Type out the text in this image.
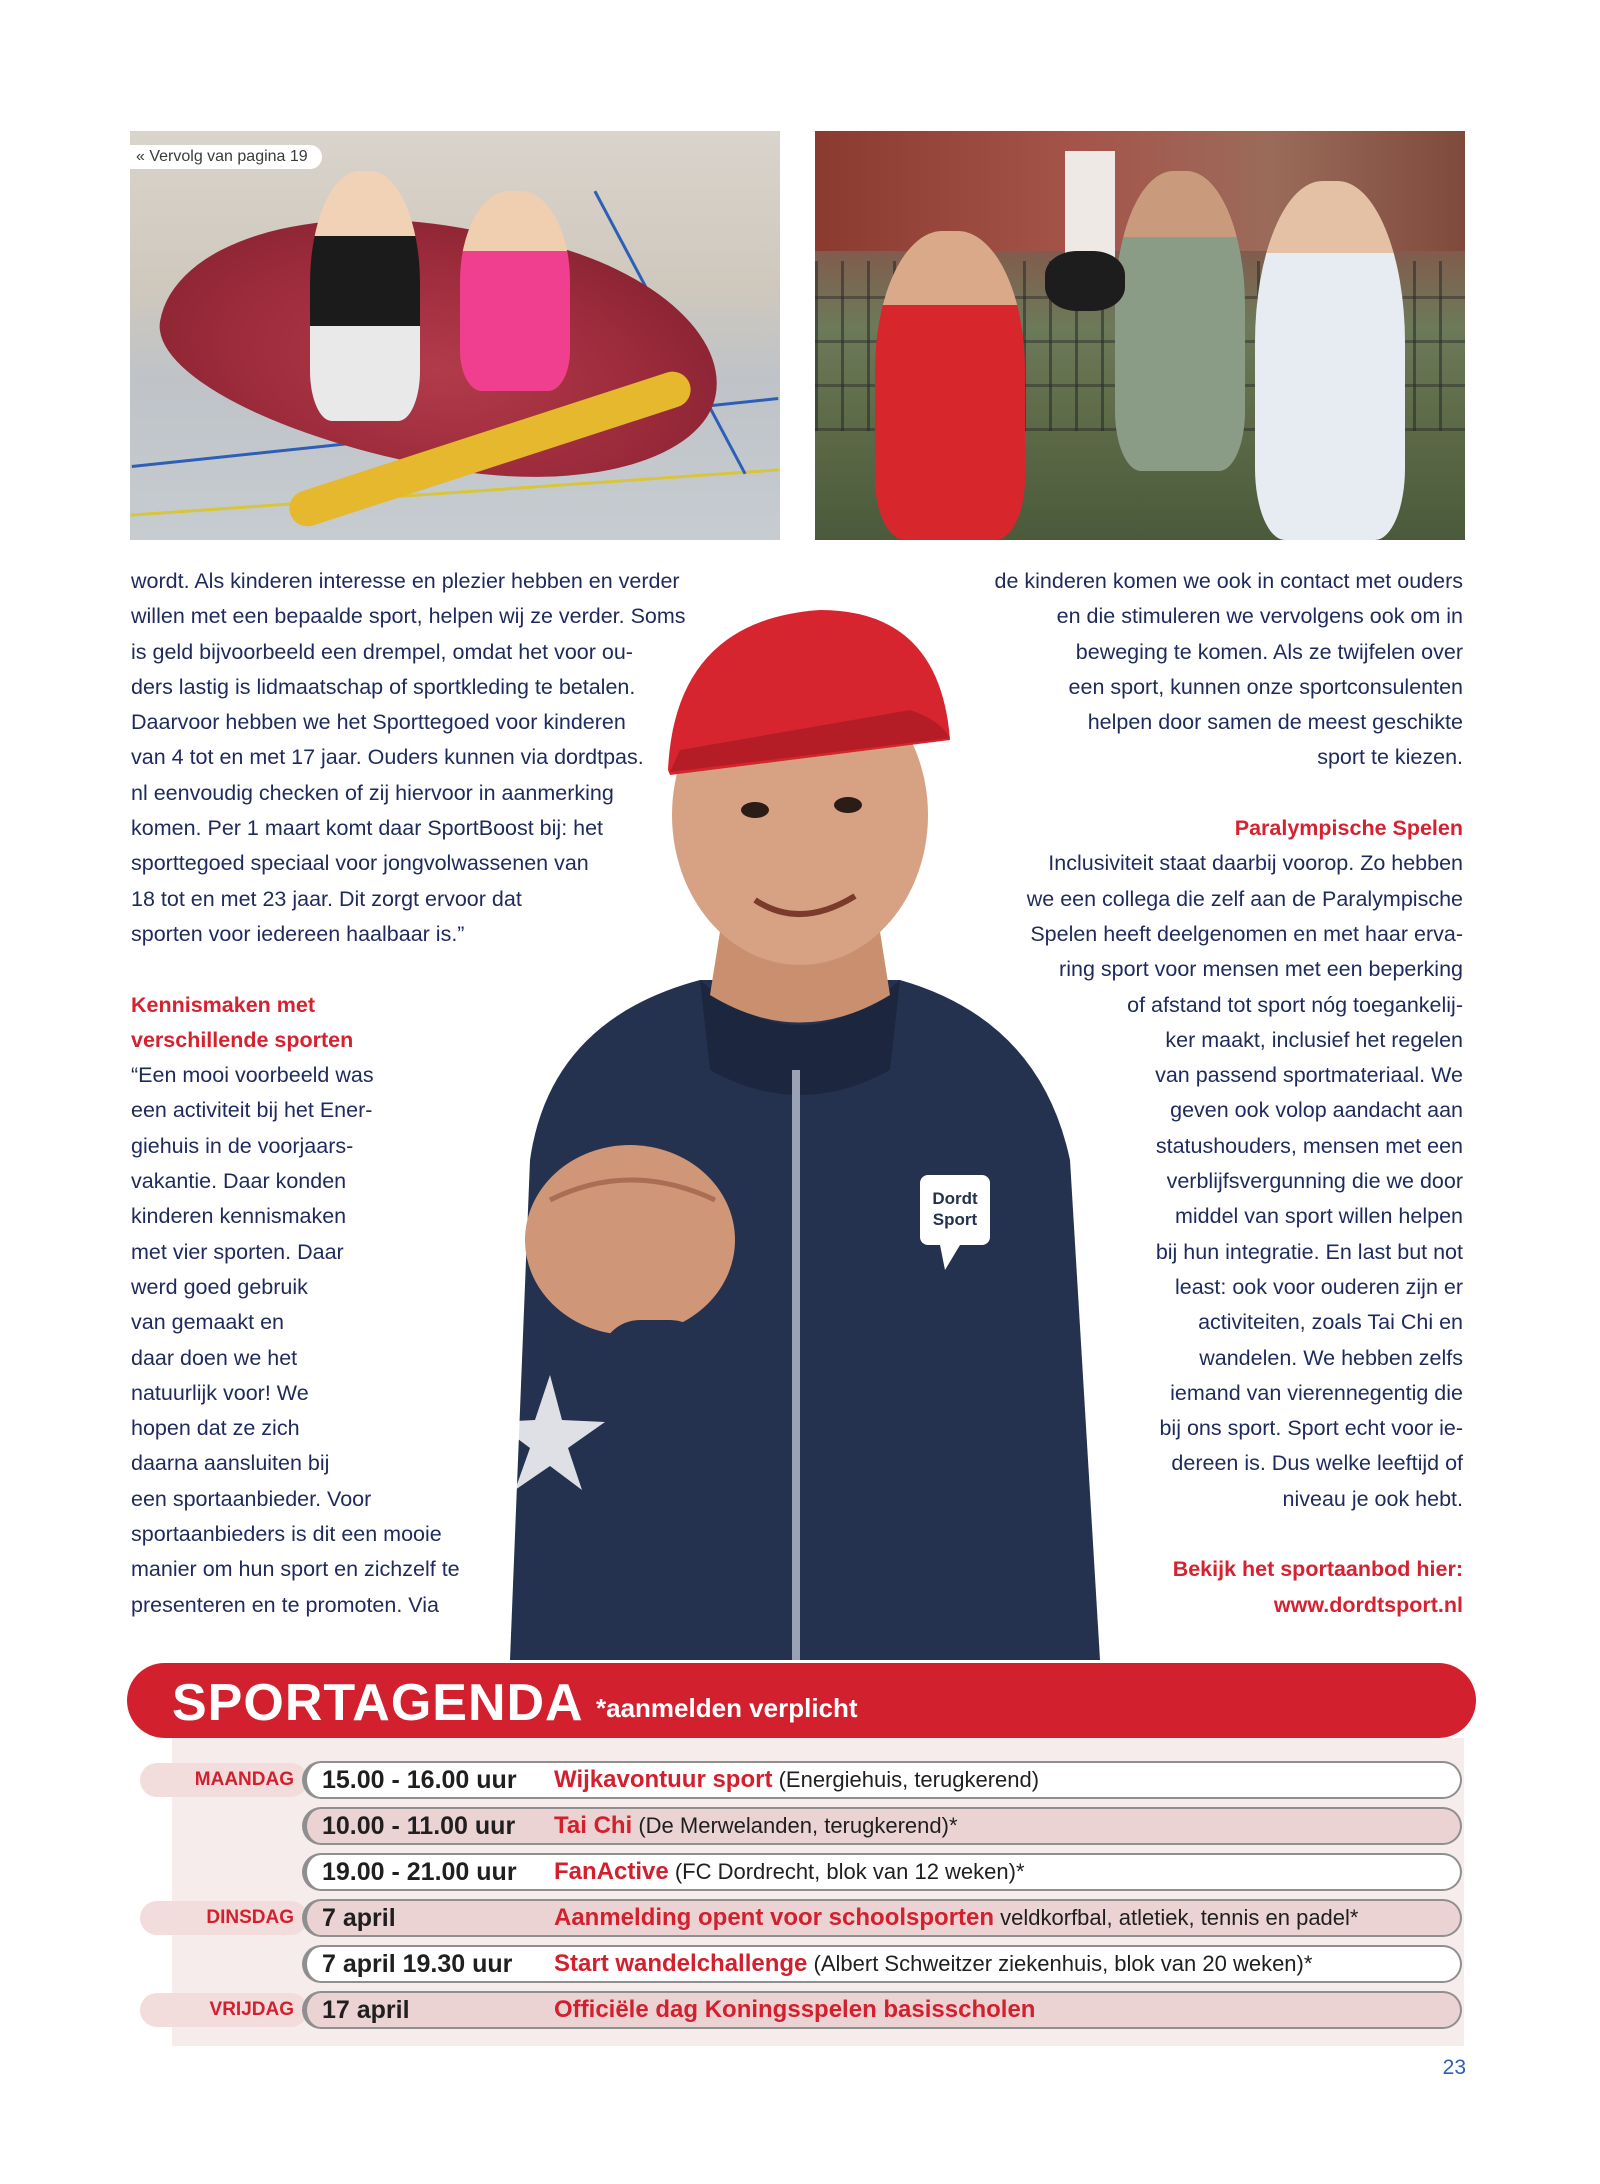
« Vervolg van pagina 19

wordt. Als kinderen interesse en plezier hebben en verder

willen met een bepaalde sport, helpen wij ze verder. Soms

is geld bijvoorbeeld een drempel, omdat het voor ou-

ders lastig is lidmaatschap of sportkleding te betalen.

Daarvoor hebben we het Sporttegoed voor kinderen

van 4 tot en met 17 jaar. Ouders kunnen via dordtpas.

nl eenvoudig checken of zij hiervoor in aanmerking

komen. Per 1 maart komt daar SportBoost bij: het

sporttegoed speciaal voor jongvolwassenen van

18 tot en met 23 jaar. Dit zorgt ervoor dat

sporten voor iedereen haalbaar is.”

Kennismaken met

verschillende sporten

“Een mooi voorbeeld was

een activiteit bij het Ener-

giehuis in de voorjaars-

vakantie. Daar konden

kinderen kennismaken

met vier sporten. Daar

werd goed gebruik

van gemaakt en

daar doen we het

natuurlijk voor! We

hopen dat ze zich

daarna aansluiten bij

een sportaanbieder. Voor

sportaanbieders is dit een mooie

manier om hun sport en zichzelf te

presenteren en te promoten. Via

de kinderen komen we ook in contact met ouders

en die stimuleren we vervolgens ook om in

beweging te komen. Als ze twijfelen over

een sport, kunnen onze sportconsulenten

helpen door samen de meest geschikte

sport te kiezen.

Paralympische Spelen

Inclusiviteit staat daarbij voorop. Zo hebben

we een collega die zelf aan de Paralympische

Spelen heeft deelgenomen en met haar erva-

ring sport voor mensen met een beperking

of afstand tot sport nóg toegankelij-

ker maakt, inclusief het regelen

van passend sportmateriaal. We

geven ook volop aandacht aan

statushouders, mensen met een

verblijfsvergunning die we door

middel van sport willen helpen

bij hun integratie. En last but not

least: ook voor ouderen zijn er

activiteiten, zoals Tai Chi en

wandelen. We hebben zelfs

iemand van vierennegentig die

bij ons sport. Sport echt voor ie-

dereen is. Dus welke leeftijd of

niveau je ook hebt.

Bekijk het sportaanbod hier:

www.dordtsport.nl

Dordt
Sport
SPORTAGENDA *aanmelden verplicht
MAANDAG	15.00 - 16.00 uur Wijkavontuur sport (Energiehuis, terugkerend)
10.00 - 11.00 uur Tai Chi (De Merwelanden, terugkerend)*
19.00 - 21.00 uur FanActive (FC Dordrecht, blok van 12 weken)*
DINSDAG	7 april	Aanmelding opent voor schoolsporten veldkorfbal, atletiek, tennis en padel*
7 april 19.30 uur Start wandelchallenge (Albert Schweitzer ziekenhuis, blok van 20 weken)*
VRIJDAG	17 april	Officiële dag Koningsspelen basisscholen
23
